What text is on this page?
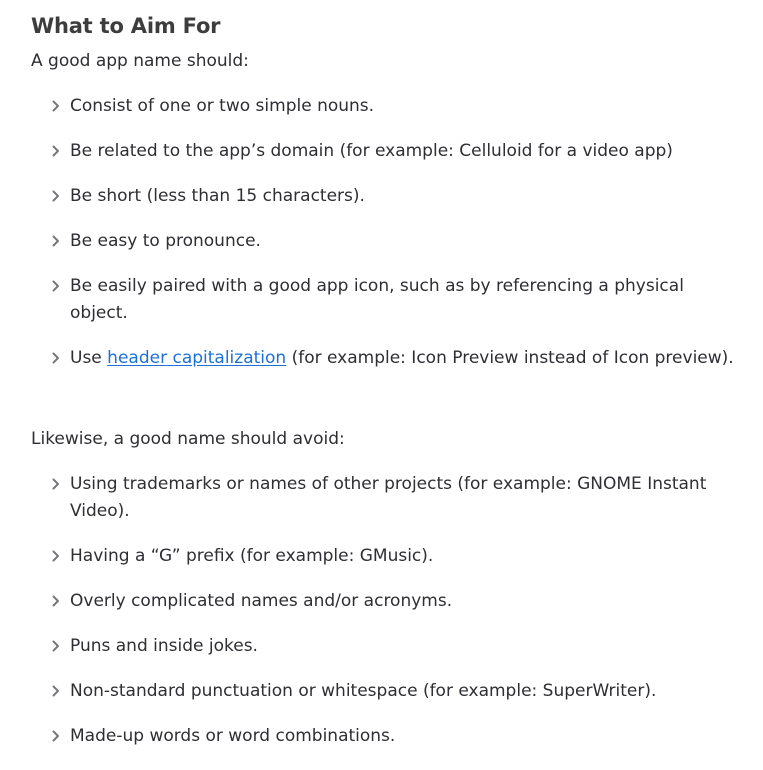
What to Aim For

A good app name should:

Consist of one or two simple nouns.
Be related to the app’s domain (for example: Celluloid for a video app)
Be short (less than 15 characters).
Be easy to pronounce.
Be easily paired with a good app icon, such as by referencing a physical object.
Use header capitalization (for example: Icon Preview instead of Icon preview).

Likewise, a good name should avoid:

Using trademarks or names of other projects (for example: GNOME Instant Video).
Having a “G” prefix (for example: GMusic).
Overly complicated names and/or acronyms.
Puns and inside jokes.
Non-standard punctuation or whitespace (for example: SuperWriter).
Made-up words or word combinations.
